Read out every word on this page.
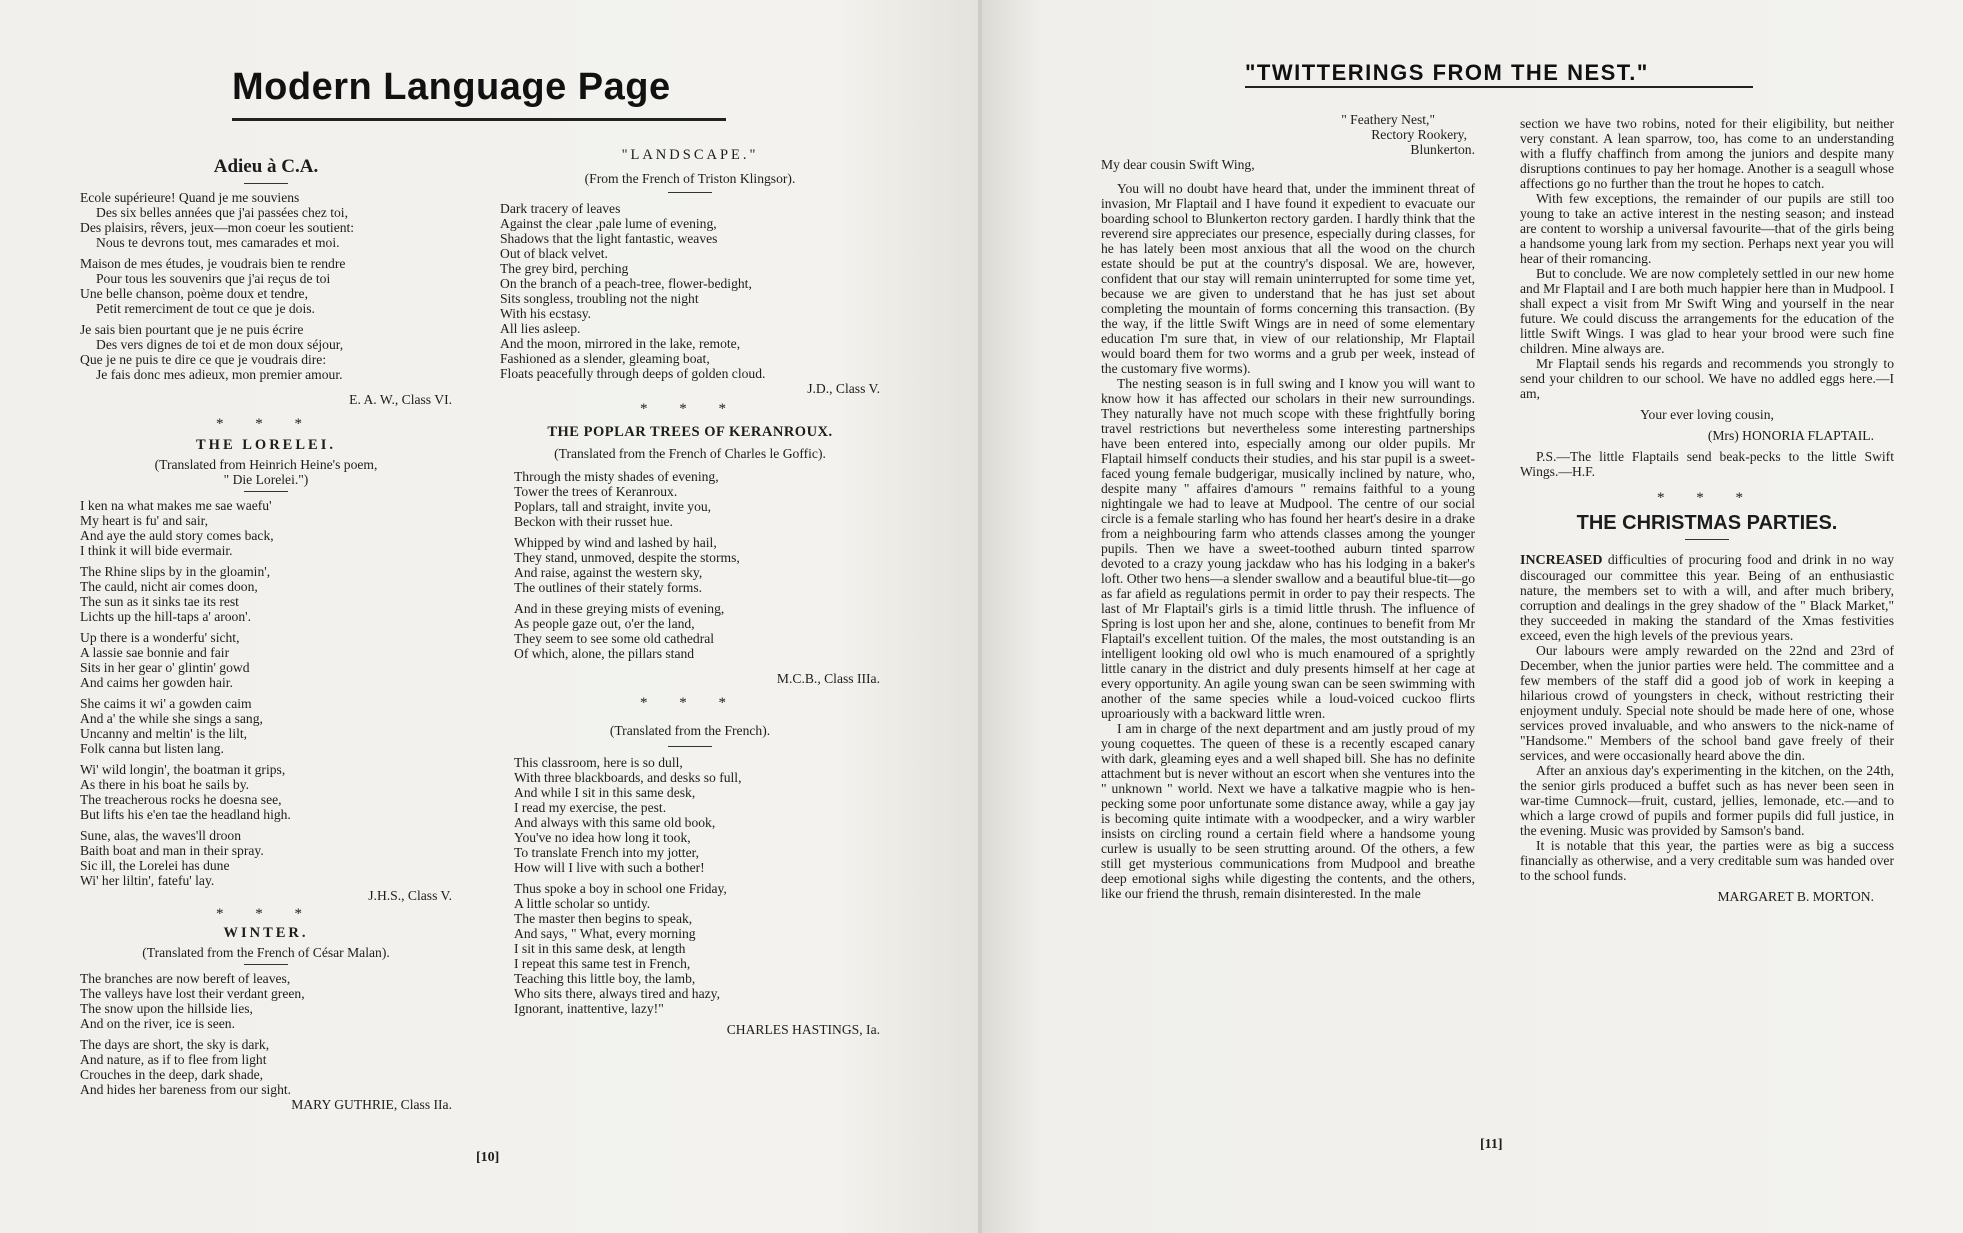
Modern Language Page
Adieu à C.A.
Ecole supérieure! Quand je me souviens
Des six belles années que j'ai passées chez toi,
Des plaisirs, rêvers, jeux—mon coeur les soutient:
Nous te devrons tout, mes camarades et moi.
Maison de mes études, je voudrais bien te rendre
Pour tous les souvenirs que j'ai reçus de toi
Une belle chanson, poème doux et tendre,
Petit remerciment de tout ce que je dois.
Je sais bien pourtant que je ne puis écrire
Des vers dignes de toi et de mon doux séjour,
Que je ne puis te dire ce que je voudrais dire:
Je fais donc mes adieux, mon premier amour.
E. A. W., Class VI.
* * *
THE LORELEI.
(Translated from Heinrich Heine's poem,
" Die Lorelei.")
I ken na what makes me sae waefu'
My heart is fu' and sair,
And aye the auld story comes back,
I think it will bide evermair.
The Rhine slips by in the gloamin',
The cauld, nicht air comes doon,
The sun as it sinks tae its rest
Lichts up the hill-taps a' aroon'.
Up there is a wonderfu' sicht,
A lassie sae bonnie and fair
Sits in her gear o' glintin' gowd
And caims her gowden hair.
She caims it wi' a gowden caim
And a' the while she sings a sang,
Uncanny and meltin' is the lilt,
Folk canna but listen lang.
Wi' wild longin', the boatman it grips,
As there in his boat he sails by.
The treacherous rocks he doesna see,
But lifts his e'en tae the headland high.
Sune, alas, the waves'll droon
Baith boat and man in their spray.
Sic ill, the Lorelei has dune
Wi' her liltin', fatefu' lay.
J.H.S., Class V.
* * *
WINTER.
(Translated from the French of César Malan).
The branches are now bereft of leaves,
The valleys have lost their verdant green,
The snow upon the hillside lies,
And on the river, ice is seen.
The days are short, the sky is dark,
And nature, as if to flee from light
Crouches in the deep, dark shade,
And hides her bareness from our sight.
MARY GUTHRIE, Class IIa.
"LANDSCAPE."
(From the French of Triston Klingsor).
Dark tracery of leaves
Against the clear ,pale lume of evening,
Shadows that the light fantastic, weaves
Out of black velvet.
The grey bird, perching
On the branch of a peach-tree, flower-bedight,
Sits songless, troubling not the night
With his ecstasy.
All lies asleep.
And the moon, mirrored in the lake, remote,
Fashioned as a slender, gleaming boat,
Floats peacefully through deeps of golden cloud.
J.D., Class V.
* * *
THE POPLAR TREES OF KERANROUX.
(Translated from the French of Charles le Goffic).
Through the misty shades of evening,
Tower the trees of Keranroux.
Poplars, tall and straight, invite you,
Beckon with their russet hue.
Whipped by wind and lashed by hail,
They stand, unmoved, despite the storms,
And raise, against the western sky,
The outlines of their stately forms.
And in these greying mists of evening,
As people gaze out, o'er the land,
They seem to see some old cathedral
Of which, alone, the pillars stand
M.C.B., Class IIIa.
* * *
(Translated from the French).
This classroom, here is so dull,
With three blackboards, and desks so full,
And while I sit in this same desk,
I read my exercise, the pest.
And always with this same old book,
You've no idea how long it took,
To translate French into my jotter,
How will I live with such a bother!
Thus spoke a boy in school one Friday,
A little scholar so untidy.
The master then begins to speak,
And says, " What, every morning
I sit in this same desk, at length
I repeat this same test in French,
Teaching this little boy, the lamb,
Who sits there, always tired and hazy,
Ignorant, inattentive, lazy!"
CHARLES HASTINGS, Ia.
[10]
"TWITTERINGS FROM THE NEST."
" Feathery Nest,"
Rectory Rookery,
Blunkerton.
My dear cousin Swift Wing,

You will no doubt have heard that, under the imminent threat of invasion, Mr Flaptail and I have found it expedient to evacuate our boarding school to Blunkerton rectory garden. I hardly think that the reverend sire appreciates our presence, especially during classes, for he has lately been most anxious that all the wood on the church estate should be put at the country's disposal. We are, however, confident that our stay will remain uninterrupted for some time yet, because we are given to understand that he has just set about completing the mountain of forms concerning this transaction. (By the way, if the little Swift Wings are in need of some elementary education I'm sure that, in view of our relationship, Mr Flaptail would board them for two worms and a grub per week, instead of the customary five worms).

The nesting season is in full swing and I know you will want to know how it has affected our scholars in their new surroundings. They naturally have not much scope with these frightfully boring travel restrictions but nevertheless some interesting partnerships have been entered into, especially among our older pupils. Mr Flaptail himself conducts their studies, and his star pupil is a sweet-faced young female budgerigar, musically inclined by nature, who, despite many " affaires d'amours " remains faithful to a young nightingale we had to leave at Mudpool. The centre of our social circle is a female starling who has found her heart's desire in a drake from a neighbouring farm who attends classes among the younger pupils. Then we have a sweet-toothed auburn tinted sparrow devoted to a crazy young jackdaw who has his lodging in a baker's loft. Other two hens—a slender swallow and a beautiful blue-tit—go as far afield as regulations permit in order to pay their respects. The last of Mr Flaptail's girls is a timid little thrush. The influence of Spring is lost upon her and she, alone, continues to benefit from Mr Flaptail's excellent tuition. Of the males, the most outstanding is an intelligent looking old owl who is much enamoured of a sprightly little canary in the district and duly presents himself at her cage at every opportunity. An agile young swan can be seen swimming with another of the same species while a loud-voiced cuckoo flirts uproariously with a backward little wren.

I am in charge of the next department and am justly proud of my young coquettes. The queen of these is a recently escaped canary with dark, gleaming eyes and a well shaped bill. She has no definite attachment but is never without an escort when she ventures into the " unknown " world. Next we have a talkative magpie who is hen-pecking some poor unfortunate some distance away, while a gay jay is becoming quite intimate with a woodpecker, and a wiry warbler insists on circling round a certain field where a handsome young curlew is usually to be seen strutting around. Of the others, a few still get mysterious communications from Mudpool and breathe deep emotional sighs while digesting the contents, and the others, like our friend the thrush, remain disinterested. In the male

section we have two robins, noted for their eligibility, but neither very constant. A lean sparrow, too, has come to an understanding with a fluffy chaffinch from among the juniors and despite many disruptions continues to pay her homage. Another is a seagull whose affections go no further than the trout he hopes to catch.

With few exceptions, the remainder of our pupils are still too young to take an active interest in the nesting season; and instead are content to worship a universal favourite—that of the girls being a handsome young lark from my section. Perhaps next year you will hear of their romancing.

But to conclude. We are now completely settled in our new home and Mr Flaptail and I are both much happier here than in Mudpool. I shall expect a visit from Mr Swift Wing and yourself in the near future. We could discuss the arrangements for the education of the little Swift Wings. I was glad to hear your brood were such fine children. Mine always are.

Mr Flaptail sends his regards and recommends you strongly to send your children to our school. We have no addled eggs here.—I am,

Your ever loving cousin,
(Mrs) HONORIA FLAPTAIL.

P.S.—The little Flaptails send beak-pecks to the little Swift Wings.—H.F.

* * *
THE CHRISTMAS PARTIES.

INCREASED difficulties of procuring food and drink in no way discouraged our committee this year. Being of an enthusiastic nature, the members set to with a will, and after much bribery, corruption and dealings in the grey shadow of the " Black Market," they succeeded in making the standard of the Xmas festivities exceed, even the high levels of the previous years.

Our labours were amply rewarded on the 22nd and 23rd of December, when the junior parties were held. The committee and a few members of the staff did a good job of work in keeping a hilarious crowd of youngsters in check, without restricting their enjoyment unduly. Special note should be made here of one, whose services proved invaluable, and who answers to the nick-name of "Handsome." Members of the school band gave freely of their services, and were occasionally heard above the din.

After an anxious day's experimenting in the kitchen, on the 24th, the senior girls produced a buffet such as has never been seen in war-time Cumnock—fruit, custard, jellies, lemonade, etc.—and to which a large crowd of pupils and former pupils did full justice, in the evening. Music was provided by Samson's band.

It is notable that this year, the parties were as big a success financially as otherwise, and a very creditable sum was handed over to the school funds.

MARGARET B. MORTON.
[11]
